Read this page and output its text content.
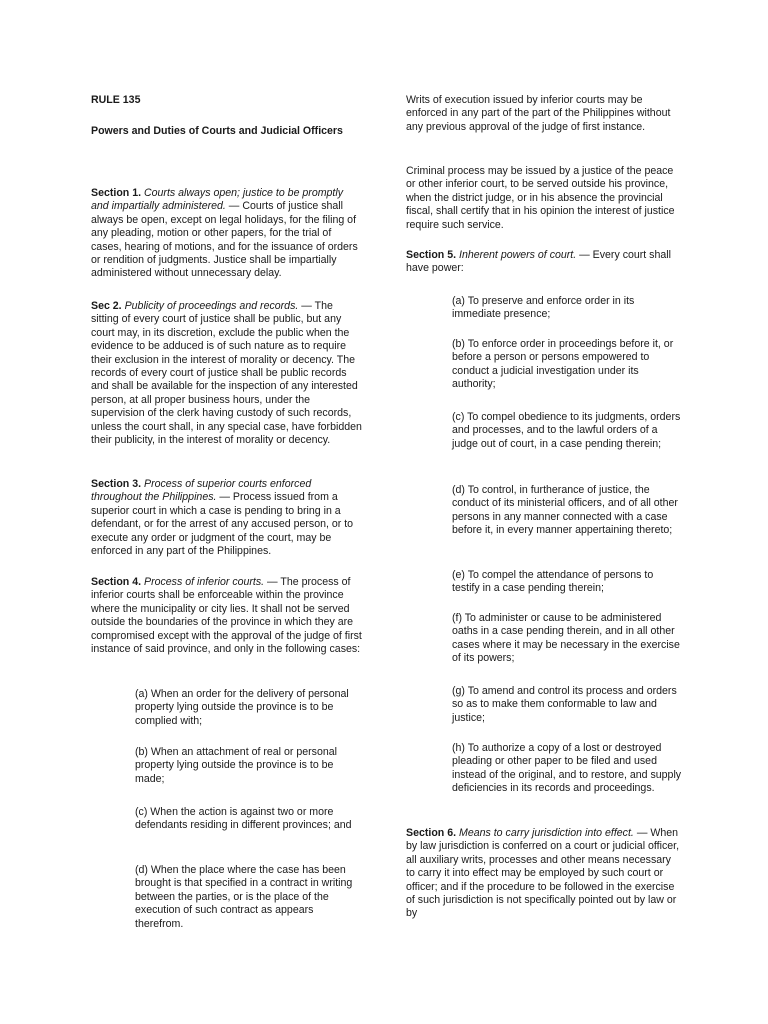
RULE 135

Powers and Duties of Courts and Judicial Officers

Section 1. Courts always open; justice to be promptly and impartially administered. — Courts of justice shall always be open, except on legal holidays, for the filing of any pleading, motion or other papers, for the trial of cases, hearing of motions, and for the issuance of orders or rendition of judgments. Justice shall be impartially administered without unnecessary delay.

Sec 2. Publicity of proceedings and records. — The sitting of every court of justice shall be public, but any court may, in its discretion, exclude the public when the evidence to be adduced is of such nature as to require their exclusion in the interest of morality or decency. The records of every court of justice shall be public records and shall be available for the inspection of any interested person, at all proper business hours, under the supervision of the clerk having custody of such records, unless the court shall, in any special case, have forbidden their publicity, in the interest of morality or decency.

Section 3. Process of superior courts enforced throughout the Philippines. — Process issued from a superior court in which a case is pending to bring in a defendant, or for the arrest of any accused person, or to execute any order or judgment of the court, may be enforced in any part of the Philippines.

Section 4. Process of inferior courts. — The process of inferior courts shall be enforceable within the province where the municipality or city lies. It shall not be served outside the boundaries of the province in which they are compromised except with the approval of the judge of first instance of said province, and only in the following cases:

(a) When an order for the delivery of personal property lying outside the province is to be complied with;

(b) When an attachment of real or personal property lying outside the province is to be made;

(c) When the action is against two or more defendants residing in different provinces; and

(d) When the place where the case has been brought is that specified in a contract in writing between the parties, or is the place of the execution of such contract as appears therefrom.

Writs of execution issued by inferior courts may be enforced in any part of the part of the Philippines without any previous approval of the judge of first instance.

Criminal process may be issued by a justice of the peace or other inferior court, to be served outside his province, when the district judge, or in his absence the provincial fiscal, shall certify that in his opinion the interest of justice require such service.

Section 5. Inherent powers of court. — Every court shall have power:

(a) To preserve and enforce order in its immediate presence;

(b) To enforce order in proceedings before it, or before a person or persons empowered to conduct a judicial investigation under its authority;

(c) To compel obedience to its judgments, orders and processes, and to the lawful orders of a judge out of court, in a case pending therein;

(d) To control, in furtherance of justice, the conduct of its ministerial officers, and of all other persons in any manner connected with a case before it, in every manner appertaining thereto;

(e) To compel the attendance of persons to testify in a case pending therein;

(f) To administer or cause to be administered oaths in a case pending therein, and in all other cases where it may be necessary in the exercise of its powers;

(g) To amend and control its process and orders so as to make them conformable to law and justice;

(h) To authorize a copy of a lost or destroyed pleading or other paper to be filed and used instead of the original, and to restore, and supply deficiencies in its records and proceedings.

Section 6. Means to carry jurisdiction into effect. — When by law jurisdiction is conferred on a court or judicial officer, all auxiliary writs, processes and other means necessary to carry it into effect may be employed by such court or officer; and if the procedure to be followed in the exercise of such jurisdiction is not specifically pointed out by law or by
